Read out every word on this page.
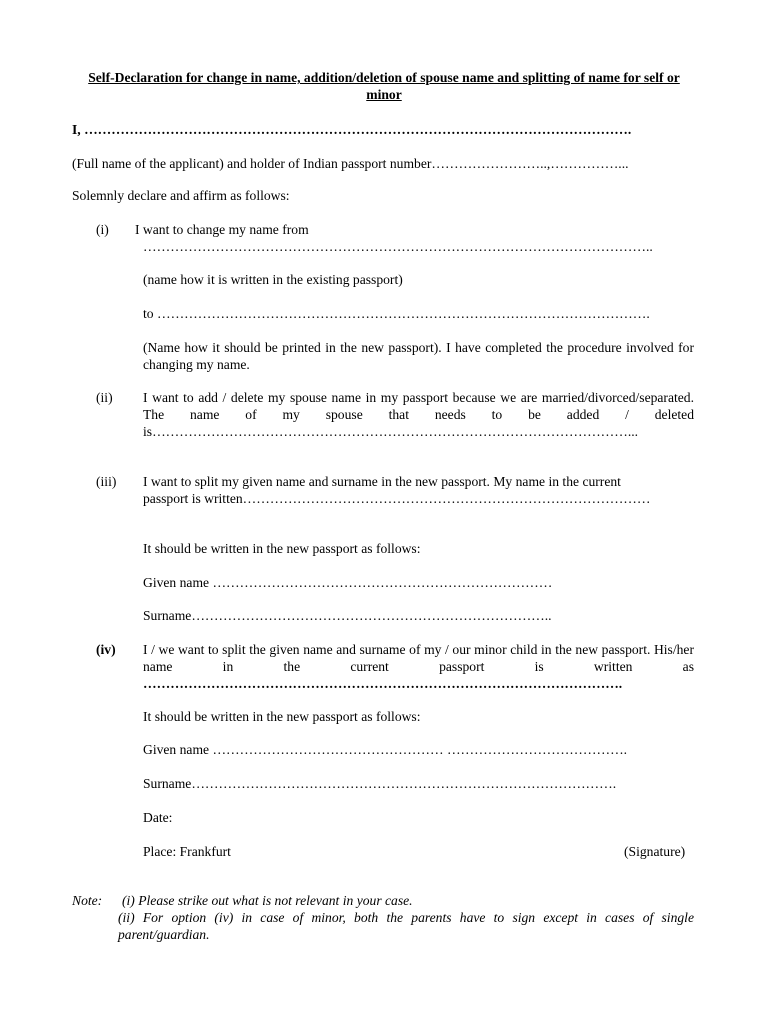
Self-Declaration for change in name, addition/deletion of spouse name and splitting of name for self or minor
I, ………………………………………………………………………………………………………….
(Full name of the applicant) and holder of Indian passport number……………………..,……………...
Solemnly declare and affirm as follows:
(i) I want to change my name from
…………………………………………………………………………………………………..
(name how it is written in the existing passport)
to ……………………………………………………………………………………………….
(Name how it should be printed in the new passport). I have completed the procedure involved for changing my name.
(ii) I want to add / delete my spouse name in my passport because we are married/divorced/separated. The name of my spouse that needs to be added / deleted is……………………………………………………………………………………………...
(iii) I want to split my given name and surname in the new passport. My name in the current
passport is written………………………………………………………………………………
It should be written in the new passport as follows:
Given name …………………………………………………………………
Surname……………………………………………………………………..
(iv) I / we want to split the given name and surname of my / our minor child in the new passport. His/her name in the current passport is written as
…………………………………………………………………………………………….
It should be written in the new passport as follows:
Given name …………………………………………… ………………………………….
Surname………………………………………………………………………………….
Date:
Place: Frankfurt	(Signature)
Note: (i) Please strike out what is not relevant in your case.
(ii) For option (iv) in case of minor, both the parents have to sign except in cases of single parent/guardian.
